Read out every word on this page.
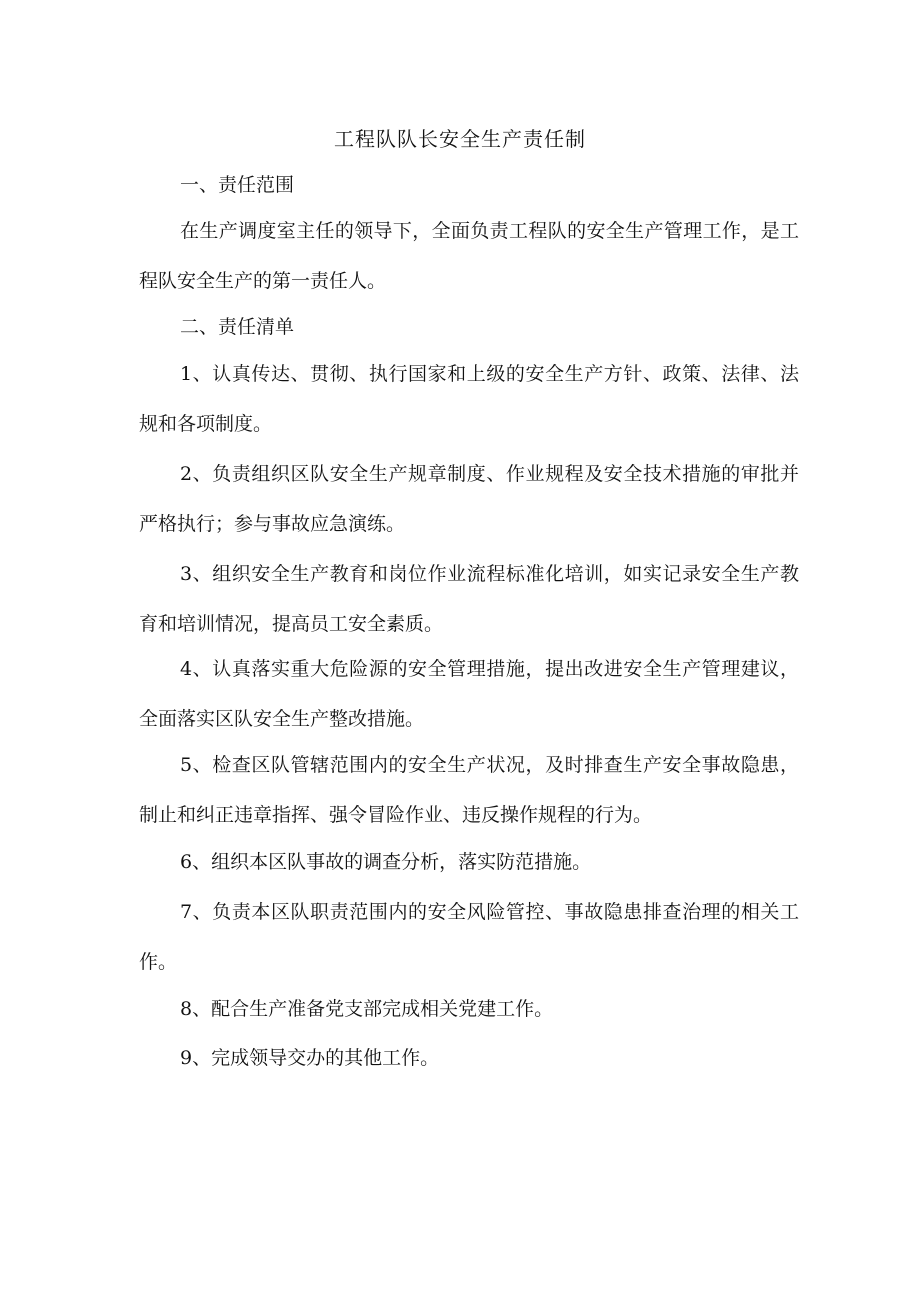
工程队队长安全生产责任制

一、责任范围

在生产调度室主任的领导下，全面负责工程队的安全生产管理工作，是工程队安全生产的第一责任人。

二、责任清单

1、认真传达、贯彻、执行国家和上级的安全生产方针、政策、法律、法规和各项制度。

2、负责组织区队安全生产规章制度、作业规程及安全技术措施的审批并严格执行；参与事故应急演练。

3、组织安全生产教育和岗位作业流程标准化培训，如实记录安全生产教育和培训情况，提高员工安全素质。

4、认真落实重大危险源的安全管理措施，提出改进安全生产管理建议，全面落实区队安全生产整改措施。

5、检查区队管辖范围内的安全生产状况，及时排查生产安全事故隐患，制止和纠正违章指挥、强令冒险作业、违反操作规程的行为。

6、组织本区队事故的调查分析，落实防范措施。

7、负责本区队职责范围内的安全风险管控、事故隐患排查治理的相关工作。

8、配合生产准备党支部完成相关党建工作。

9、完成领导交办的其他工作。
